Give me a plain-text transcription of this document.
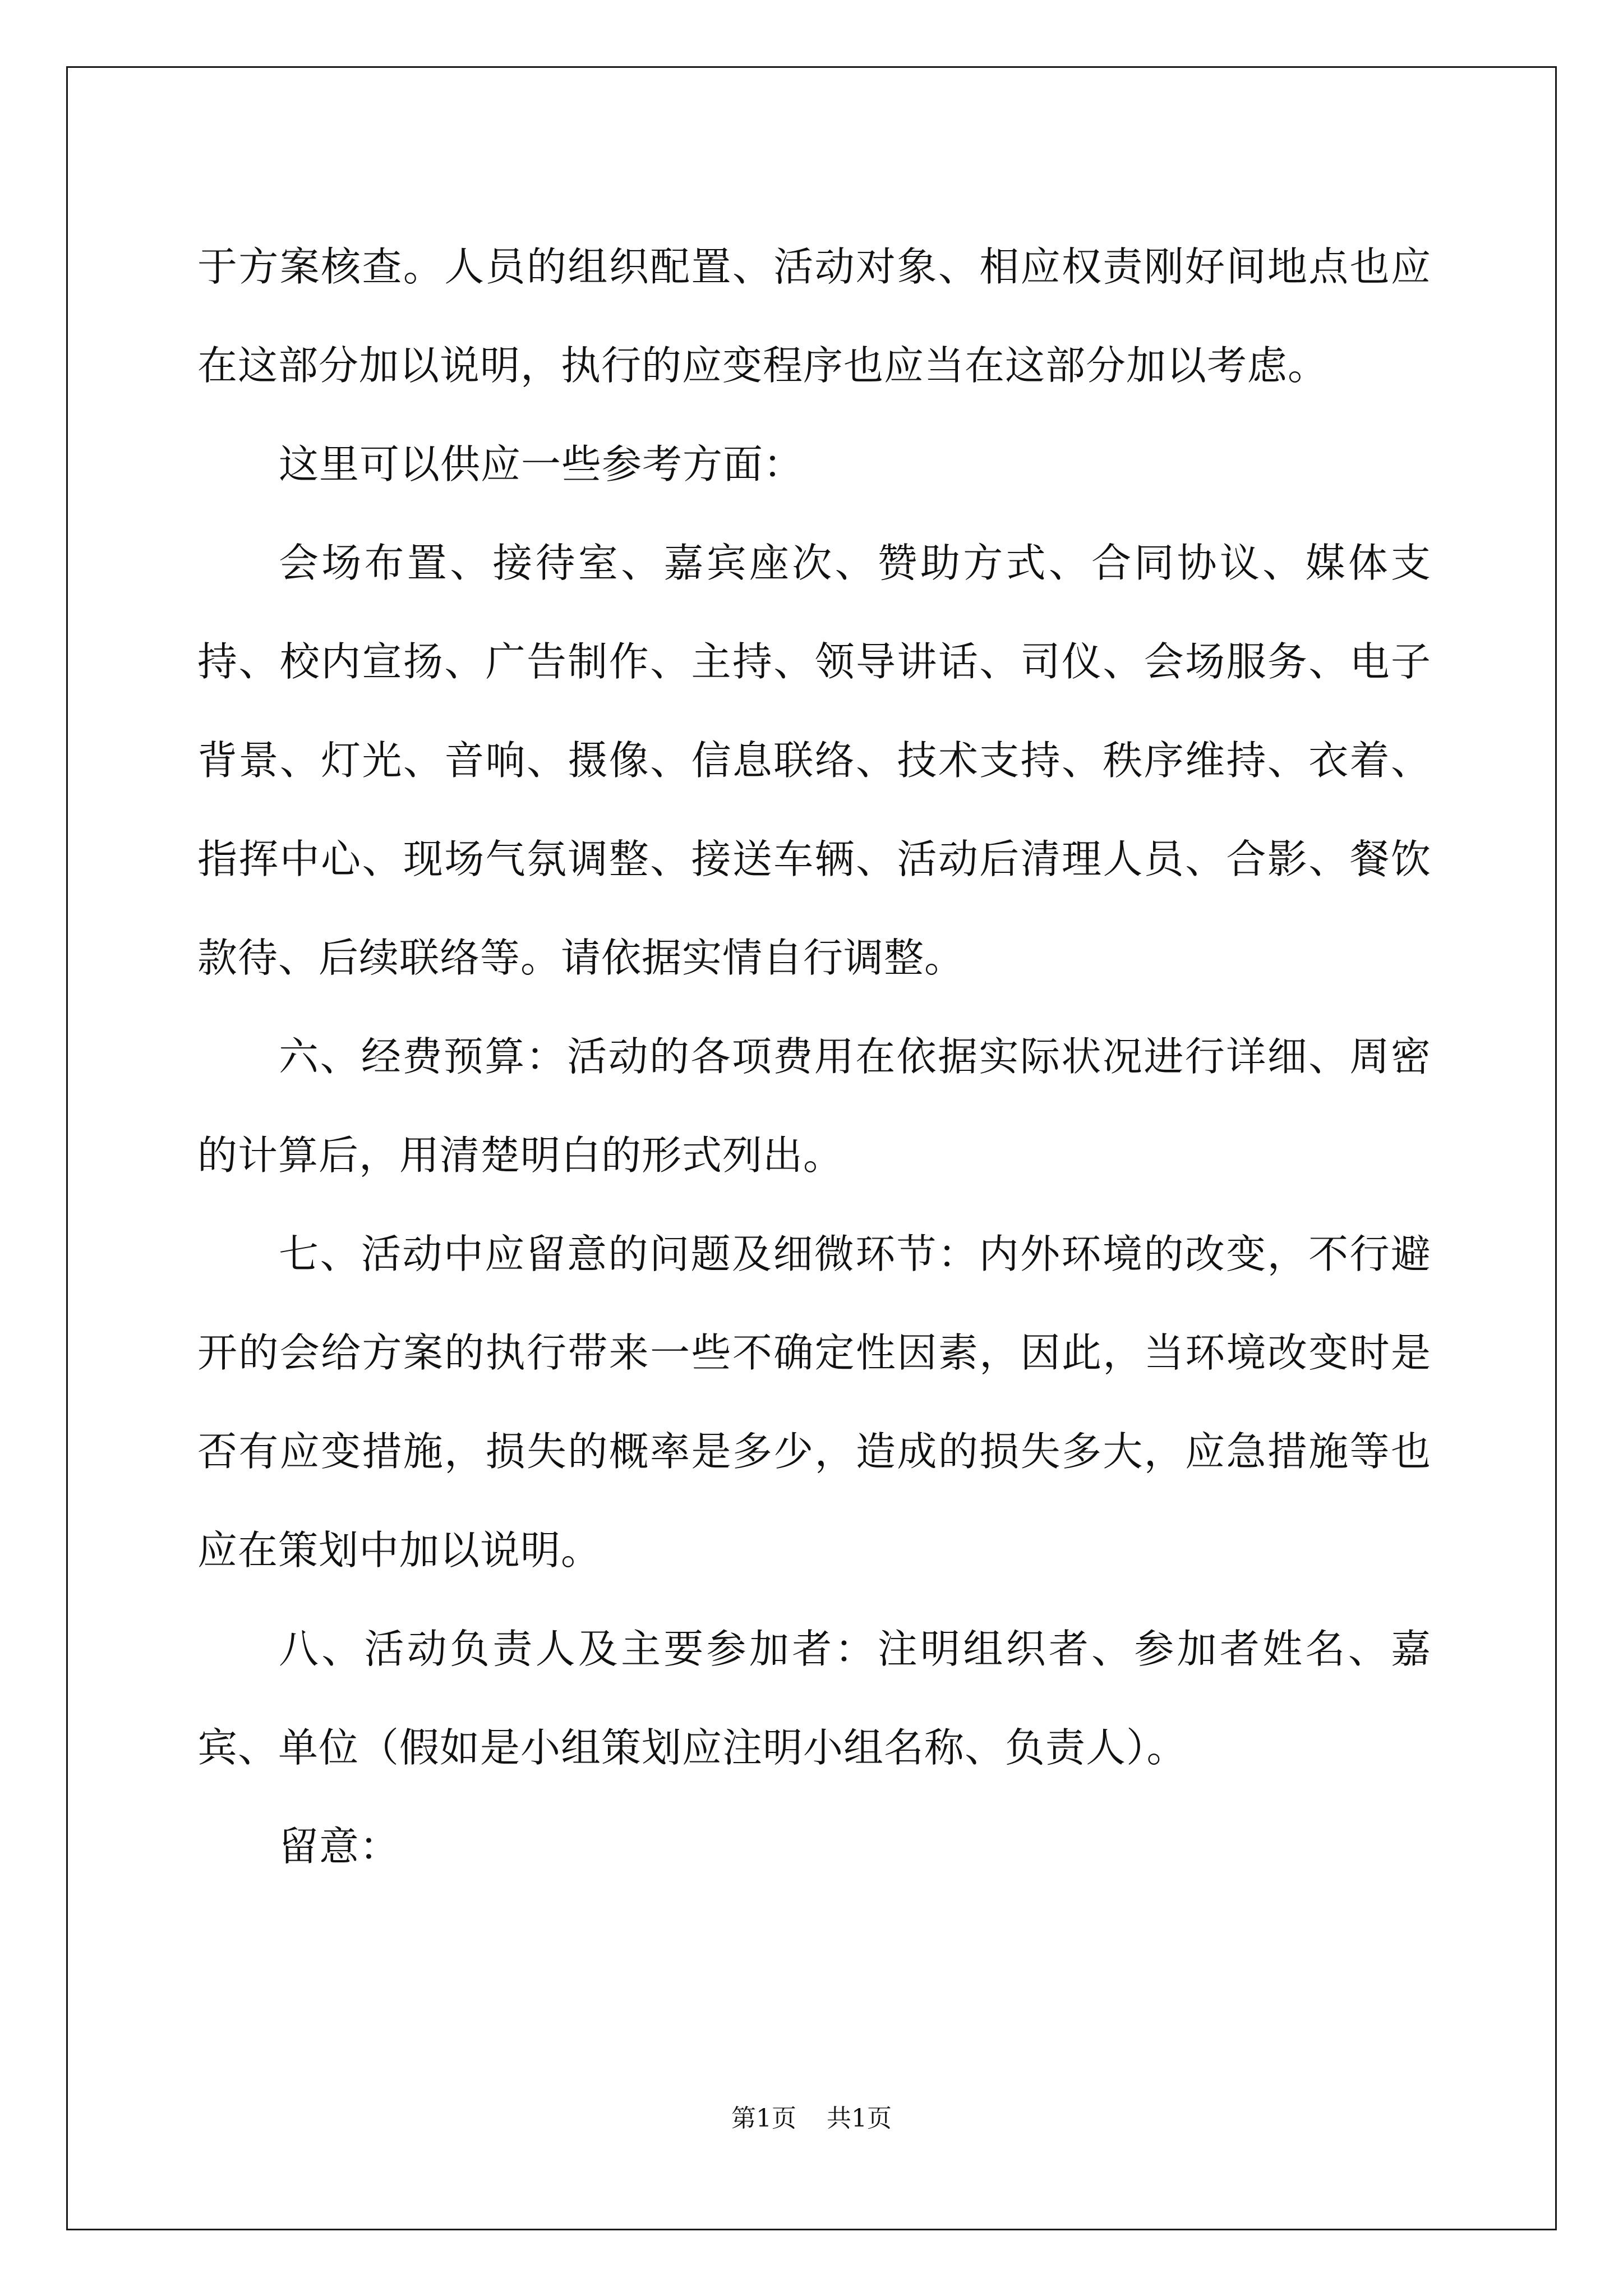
于方案核查。人员的组织配置、活动对象、相应权责刚好间地点也应在这部分加以说明，执行的应变程序也应当在这部分加以考虑。

这里可以供应一些参考方面：

会场布置、接待室、嘉宾座次、赞助方式、合同协议、媒体支持、校内宣扬、广告制作、主持、领导讲话、司仪、会场服务、电子背景、灯光、音响、摄像、信息联络、技术支持、秩序维持、衣着、指挥中心、现场气氛调整、接送车辆、活动后清理人员、合影、餐饮款待、后续联络等。请依据实情自行调整。

六、经费预算：活动的各项费用在依据实际状况进行详细、周密的计算后，用清楚明白的形式列出。

七、活动中应留意的问题及细微环节：内外环境的改变，不行避开的会给方案的执行带来一些不确定性因素，因此，当环境改变时是否有应变措施，损失的概率是多少，造成的损失多大，应急措施等也应在策划中加以说明。

八、活动负责人及主要参加者：注明组织者、参加者姓名、嘉宾、单位（假如是小组策划应注明小组名称、负责人）。

留意：

第1页 共1页
